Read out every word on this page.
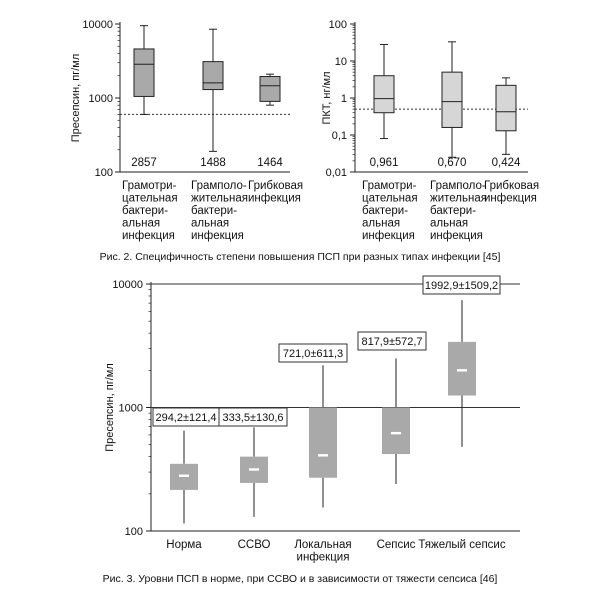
100
1000
10000
Пресепсин, пг/мл
Грамотри-
цательная
бактери-
альная
инфекция
2857
Грамполо-
жительная
бактери-
альная
инфекция
1488
Грибковая
инфекция
1464
0,01
0,1
1
10
100
ПКТ, нг/мл
Грамотри-
цательная
бактери-
альная
инфекция
0,961
Грамполо-
жительная
бактери-
альная
инфекция
0,670
Грибковая
инфекция
0,424
100
1000
10000
Пресепсин, пг/мл
Норма
294,2±121,4
ССВО
333,5±130,6
Локальная
инфекция
721,0±611,3
Сепсис
817,9±572,7
Тяжелый сепсис
1992,9±1509,2
Рис. 2. Специфичность степени повышения ПСП при разных типах инфекции [45]
Рис. 3. Уровни ПСП в норме, при ССВО и в зависимости от тяжести сепсиса [46]
